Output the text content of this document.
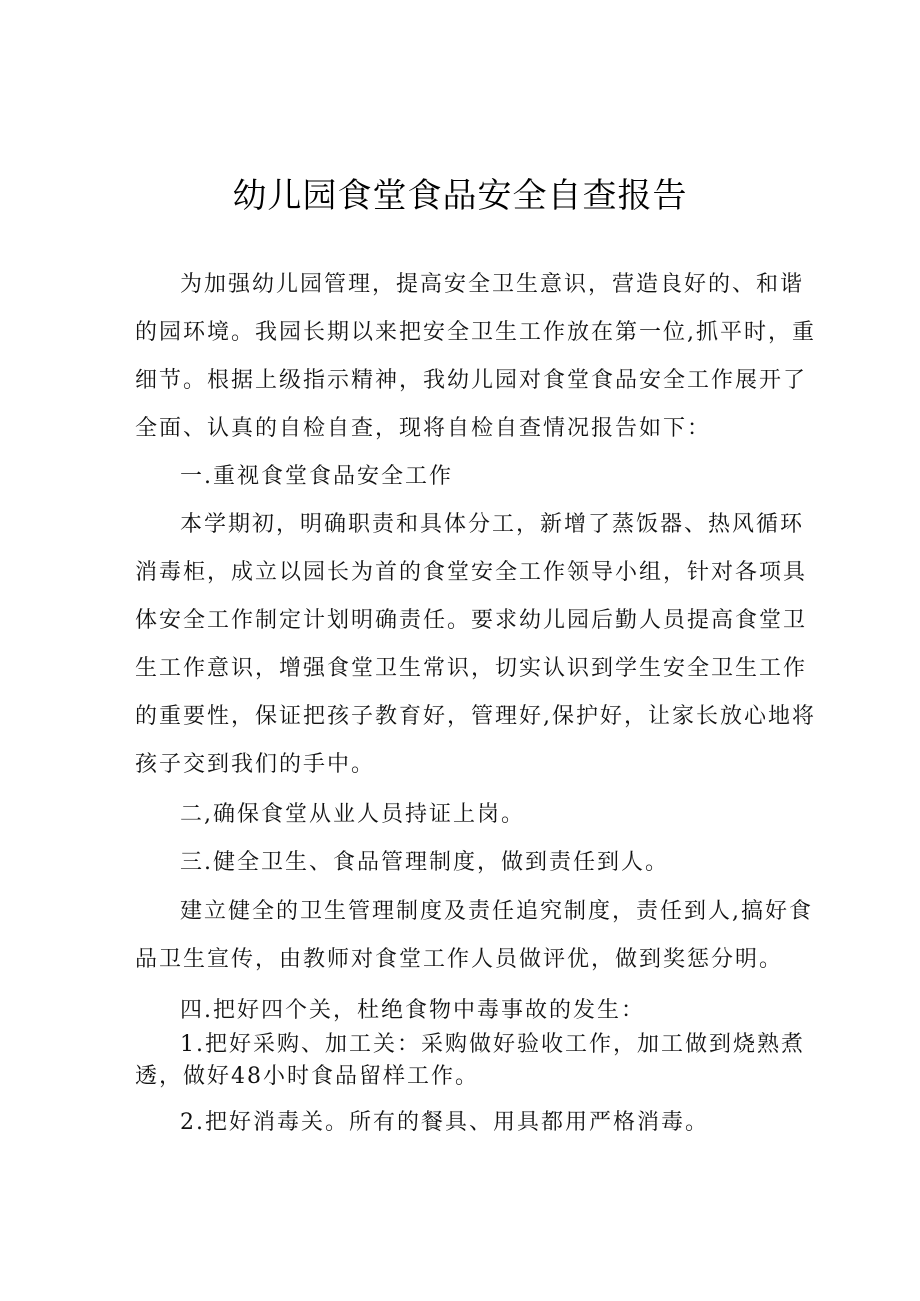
幼儿园食堂食品安全自查报告
为加强幼儿园管理，提高安全卫生意识，营造良好的、和谐
的园环境。我园长期以来把安全卫生工作放在第一位,抓平时，重
细节。根据上级指示精神，我幼儿园对食堂食品安全工作展开了
全面、认真的自检自查，现将自检自查情况报告如下：
一.重视食堂食品安全工作
本学期初，明确职责和具体分工，新增了蒸饭器、热风循环
消毒柜，成立以园长为首的食堂安全工作领导小组，针对各项具
体安全工作制定计划明确责任。要求幼儿园后勤人员提高食堂卫
生工作意识，增强食堂卫生常识，切实认识到学生安全卫生工作
的重要性，保证把孩子教育好，管理好,保护好，让家长放心地将
孩子交到我们的手中。
二,确保食堂从业人员持证上岗。
三.健全卫生、食品管理制度，做到责任到人。
建立健全的卫生管理制度及责任追究制度，责任到人,搞好食
品卫生宣传，由教师对食堂工作人员做评优，做到奖惩分明。
四.把好四个关，杜绝食物中毒事故的发生：
1.把好采购、加工关：采购做好验收工作，加工做到烧熟煮
透，做好48小时食品留样工作。
2.把好消毒关。所有的餐具、用具都用严格消毒。
